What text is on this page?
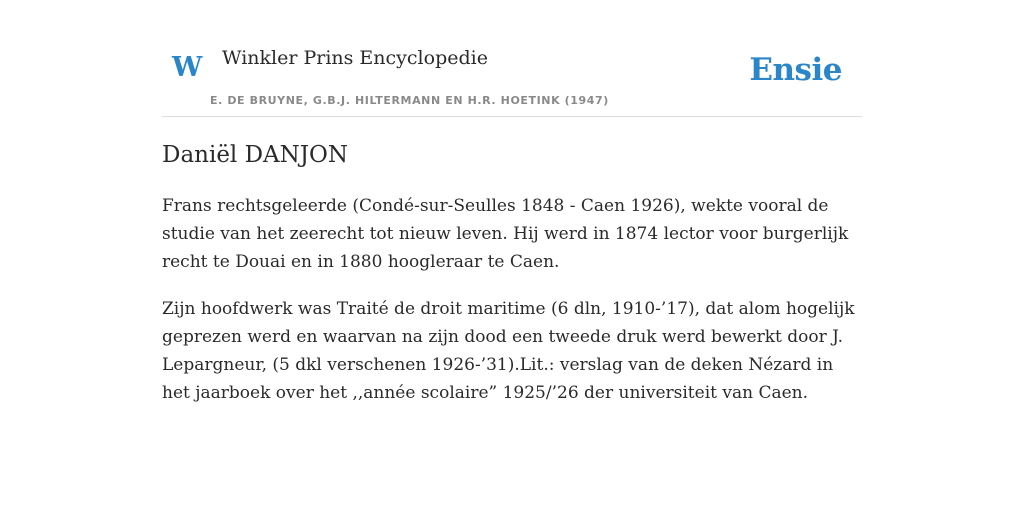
W Winkler Prins Encyclopedie
E. DE BRUYNE, G.B.J. HILTERMANN EN H.R. HOETINK (1947)
Ensie
Daniël DANJON

Frans rechtsgeleerde (Condé-sur-Seulles 1848 - Caen 1926), wekte vooral de studie van het zeerecht tot nieuw leven. Hij werd in 1874 lector voor burgerlijk recht te Douai en in 1880 hoogleraar te Caen.

Zijn hoofdwerk was Traité de droit maritime (6 dln, 1910-’17), dat alom hogelijk geprezen werd en waarvan na zijn dood een tweede druk werd bewerkt door J. Lepargneur, (5 dkl verschenen 1926-’31).Lit.: verslag van de deken Nézard in het jaarboek over het ,,année scolaire” 1925/’26 der universiteit van Caen.
